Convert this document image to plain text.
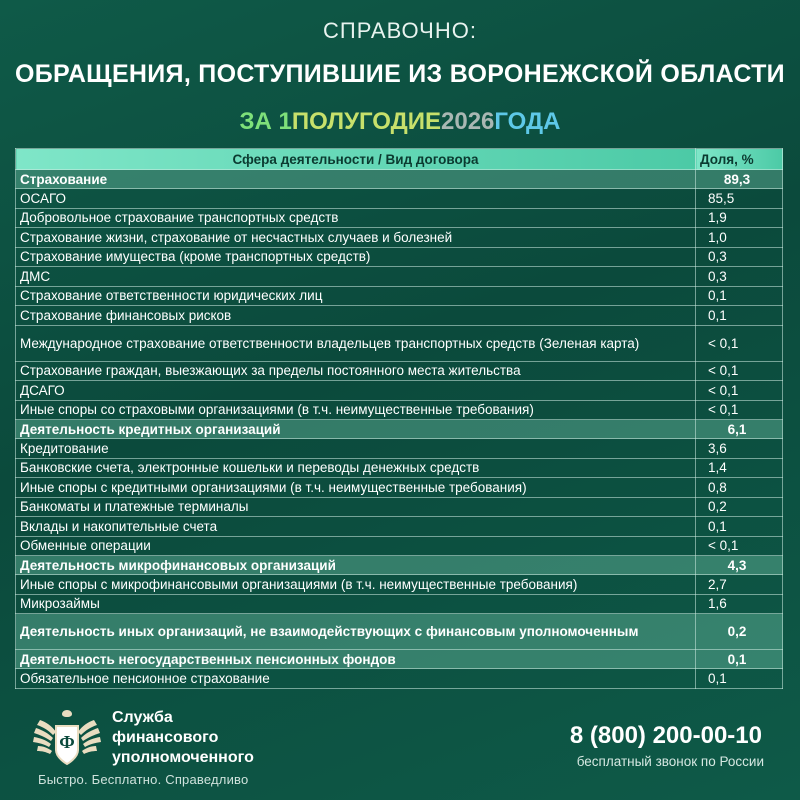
СПРАВОЧНО:
ОБРАЩЕНИЯ, ПОСТУПИВШИЕ ИЗ ВОРОНЕЖСКОЙ ОБЛАСТИ
ЗА 1ПОЛУГОДИЕ2026ГОДА
Сфера деятельности / Вид договора	Доля, %
Страхование	89,3
ОСАГО	85,5
Добровольное страхование транспортных средств	1,9
Страхование жизни, страхование от несчастных случаев и болезней	1,0
Страхование имущества (кроме транспортных средств)	0,3
ДМС	0,3
Страхование ответственности юридических лиц	0,1
Страхование финансовых рисков	0,1
Международное страхование ответственности владельцев транспортных средств (Зеленая карта)	< 0,1
Страхование граждан, выезжающих за пределы постоянного места жительства	< 0,1
ДСАГО	< 0,1
Иные споры со страховыми организациями (в т.ч. неимущественные требования)	< 0,1
Деятельность кредитных организаций	6,1
Кредитование	3,6
Банковские счета, электронные кошельки и переводы денежных средств	1,4
Иные споры с кредитными организациями (в т.ч. неимущественные требования)	0,8
Банкоматы и платежные терминалы	0,2
Вклады и накопительные счета	0,1
Обменные операции	< 0,1
Деятельность микрофинансовых организаций	4,3
Иные споры с микрофинансовыми организациями (в т.ч. неимущественные требования)	2,7
Микрозаймы	1,6
Деятельность иных организаций, не взаимодействующих с финансовым уполномоченным	0,2
Деятельность негосударственных пенсионных фондов	0,1
Обязательное пенсионное страхование	0,1
Ф
Служба
финансового
уполномоченного
Быстро. Бесплатно. Справедливо
8 (800) 200-00-10
бесплатный звонок по России
